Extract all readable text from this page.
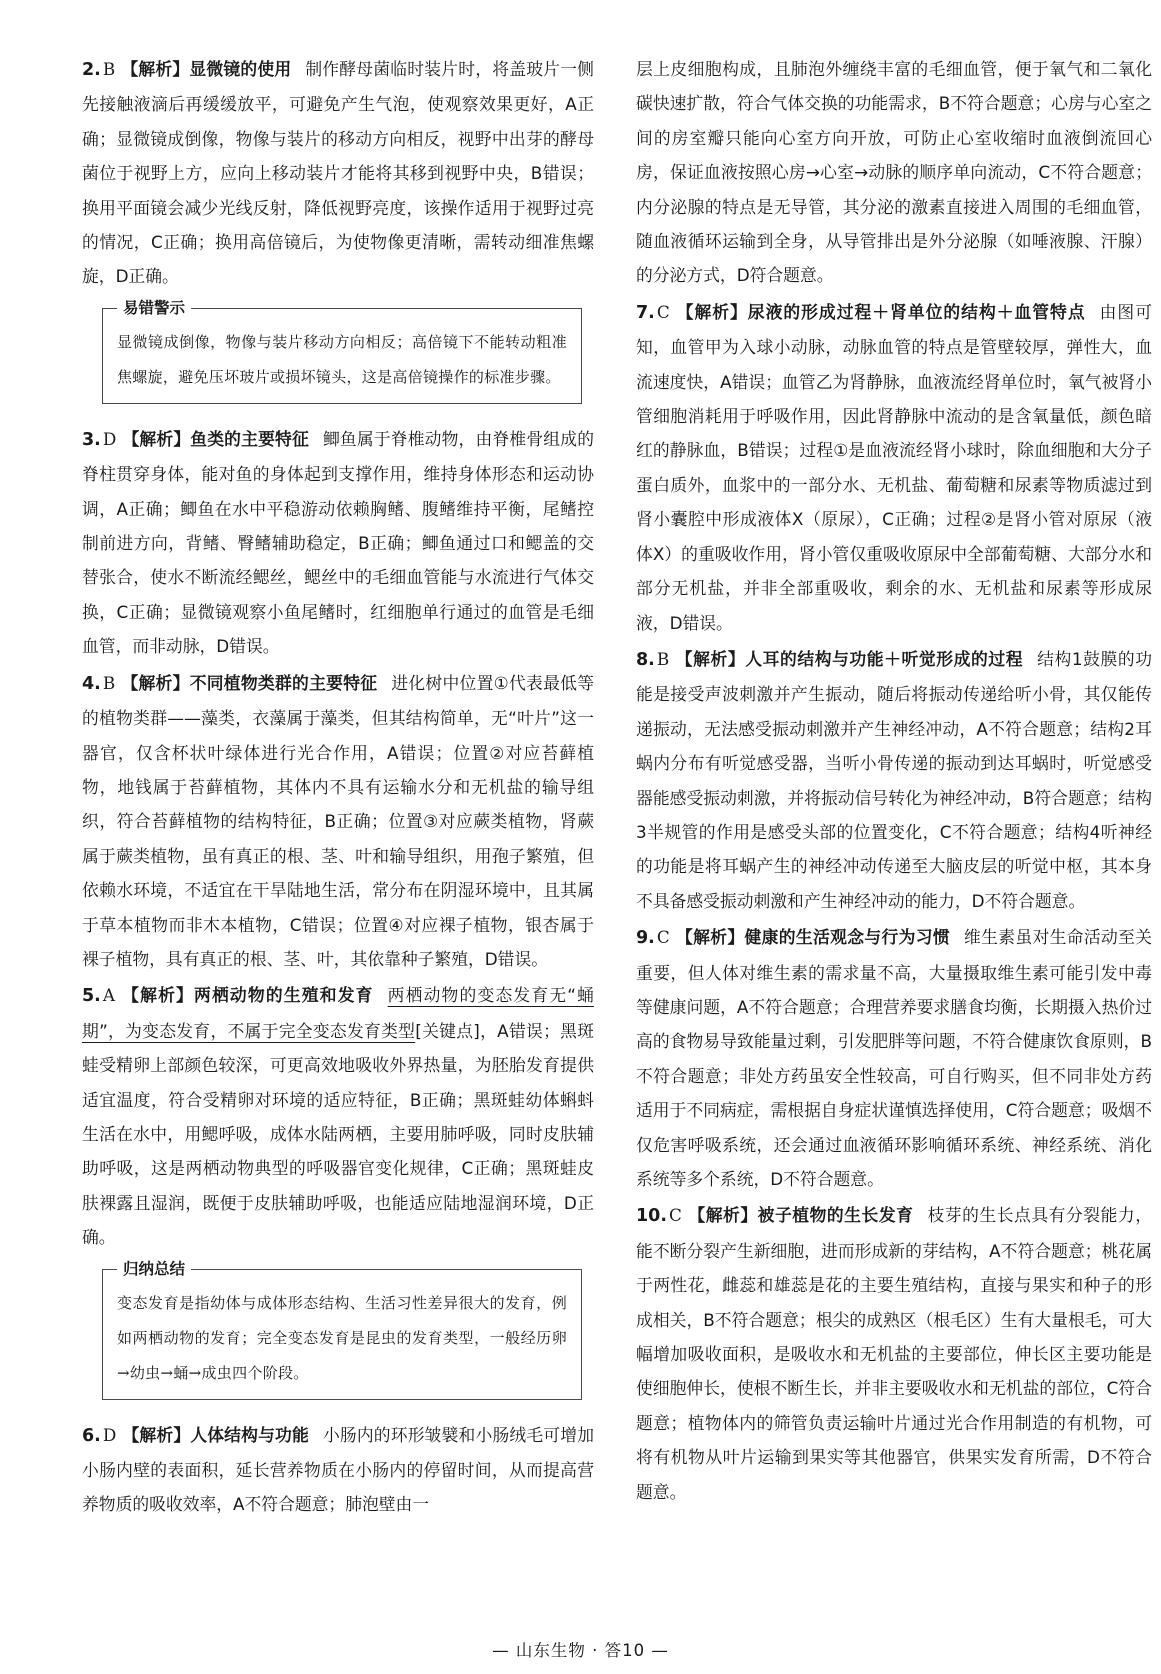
2. B 【解析】显微镜的使用 制作酵母菌临时装片时，将盖玻片一侧先接触液滴后再缓缓放平，可避免产生气泡，使观察效果更好，A正确；显微镜成倒像，物像与装片的移动方向相反，视野中出芽的酵母菌位于视野上方，应向上移动装片才能将其移到视野中央，B错误；换用平面镜会减少光线反射，降低视野亮度，该操作适用于视野过亮的情况，C正确；换用高倍镜后，为使物像更清晰，需转动细准焦螺旋，D正确。

易错警示
显微镜成倒像，物像与装片移动方向相反；高倍镜下不能转动粗准焦螺旋，避免压坏玻片或损坏镜头，这是高倍镜操作的标准步骤。

3. D 【解析】鱼类的主要特征 鲫鱼属于脊椎动物，由脊椎骨组成的脊柱贯穿身体，能对鱼的身体起到支撑作用，维持身体形态和运动协调，A正确；鲫鱼在水中平稳游动依赖胸鳍、腹鳍维持平衡，尾鳍控制前进方向，背鳍、臀鳍辅助稳定，B正确；鲫鱼通过口和鳃盖的交替张合，使水不断流经鳃丝，鳃丝中的毛细血管能与水流进行气体交换，C正确；显微镜观察小鱼尾鳍时，红细胞单行通过的血管是毛细血管，而非动脉，D错误。

4. B 【解析】不同植物类群的主要特征 进化树中位置①代表最低等的植物类群——藻类，衣藻属于藻类，但其结构简单，无“叶片”这一器官，仅含杯状叶绿体进行光合作用，A错误；位置②对应苔藓植物，地钱属于苔藓植物，其体内不具有运输水分和无机盐的输导组织，符合苔藓植物的结构特征，B正确；位置③对应蕨类植物，肾蕨属于蕨类植物，虽有真正的根、茎、叶和输导组织，用孢子繁殖，但依赖水环境，不适宜在干旱陆地生活，常分布在阴湿环境中，且其属于草本植物而非木本植物，C错误；位置④对应裸子植物，银杏属于裸子植物，具有真正的根、茎、叶，其依靠种子繁殖，D错误。

5. A 【解析】两栖动物的生殖和发育 两栖动物的变态发育无“蛹期”，为变态发育，不属于完全变态发育类型[关键点]，A错误；黑斑蛙受精卵上部颜色较深，可更高效地吸收外界热量，为胚胎发育提供适宜温度，符合受精卵对环境的适应特征，B正确；黑斑蛙幼体蝌蚪生活在水中，用鳃呼吸，成体水陆两栖，主要用肺呼吸，同时皮肤辅助呼吸，这是两栖动物典型的呼吸器官变化规律，C正确；黑斑蛙皮肤裸露且湿润，既便于皮肤辅助呼吸，也能适应陆地湿润环境，D正确。

归纳总结
变态发育是指幼体与成体形态结构、生活习性差异很大的发育，例如两栖动物的发育；完全变态发育是昆虫的发育类型，一般经历卵→幼虫→蛹→成虫四个阶段。

6. D 【解析】人体结构与功能 小肠内的环形皱襞和小肠绒毛可增加小肠内壁的表面积，延长营养物质在小肠内的停留时间，从而提高营养物质的吸收效率，A不符合题意；肺泡壁由一

层上皮细胞构成，且肺泡外缠绕丰富的毛细血管，便于氧气和二氧化碳快速扩散，符合气体交换的功能需求，B不符合题意；心房与心室之间的房室瓣只能向心室方向开放，可防止心室收缩时血液倒流回心房，保证血液按照心房→心室→动脉的顺序单向流动，C不符合题意；内分泌腺的特点是无导管，其分泌的激素直接进入周围的毛细血管，随血液循环运输到全身，从导管排出是外分泌腺（如唾液腺、汗腺）的分泌方式，D符合题意。

7. C 【解析】尿液的形成过程＋肾单位的结构＋血管特点 由图可知，血管甲为入球小动脉，动脉血管的特点是管壁较厚，弹性大，血流速度快，A错误；血管乙为肾静脉，血液流经肾单位时，氧气被肾小管细胞消耗用于呼吸作用，因此肾静脉中流动的是含氧量低，颜色暗红的静脉血，B错误；过程①是血液流经肾小球时，除血细胞和大分子蛋白质外，血浆中的一部分水、无机盐、葡萄糖和尿素等物质滤过到肾小囊腔中形成液体X（原尿），C正确；过程②是肾小管对原尿（液体X）的重吸收作用，肾小管仅重吸收原尿中全部葡萄糖、大部分水和部分无机盐，并非全部重吸收，剩余的水、无机盐和尿素等形成尿液，D错误。

8. B 【解析】人耳的结构与功能＋听觉形成的过程 结构1鼓膜的功能是接受声波刺激并产生振动，随后将振动传递给听小骨，其仅能传递振动，无法感受振动刺激并产生神经冲动，A不符合题意；结构2耳蜗内分布有听觉感受器，当听小骨传递的振动到达耳蜗时，听觉感受器能感受振动刺激，并将振动信号转化为神经冲动，B符合题意；结构3半规管的作用是感受头部的位置变化，C不符合题意；结构4听神经的功能是将耳蜗产生的神经冲动传递至大脑皮层的听觉中枢，其本身不具备感受振动刺激和产生神经冲动的能力，D不符合题意。

9. C 【解析】健康的生活观念与行为习惯 维生素虽对生命活动至关重要，但人体对维生素的需求量不高，大量摄取维生素可能引发中毒等健康问题，A不符合题意；合理营养要求膳食均衡，长期摄入热价过高的食物易导致能量过剩，引发肥胖等问题，不符合健康饮食原则，B不符合题意；非处方药虽安全性较高，可自行购买，但不同非处方药适用于不同病症，需根据自身症状谨慎选择使用，C符合题意；吸烟不仅危害呼吸系统，还会通过血液循环影响循环系统、神经系统、消化系统等多个系统，D不符合题意。

10. C 【解析】被子植物的生长发育 枝芽的生长点具有分裂能力，能不断分裂产生新细胞，进而形成新的芽结构，A不符合题意；桃花属于两性花，雌蕊和雄蕊是花的主要生殖结构，直接与果实和种子的形成相关，B不符合题意；根尖的成熟区（根毛区）生有大量根毛，可大幅增加吸收面积，是吸收水和无机盐的主要部位，伸长区主要功能是使细胞伸长，使根不断生长，并非主要吸收水和无机盐的部位，C符合题意；植物体内的筛管负责运输叶片通过光合作用制造的有机物，可将有机物从叶片运输到果实等其他器官，供果实发育所需，D不符合题意。

— 山东生物 · 答10 —
